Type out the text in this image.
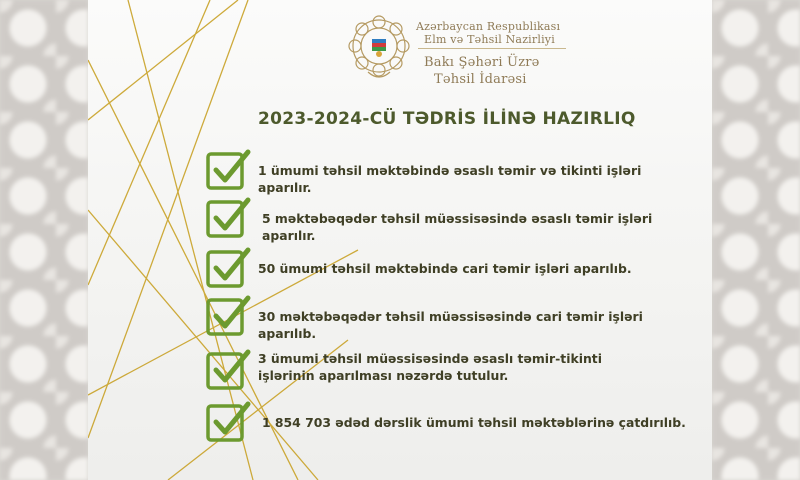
Azərbaycan Respublikası
Elm və Təhsil Nazirliyi
Bakı Şəhəri Üzrə
Təhsil İdarəsi
2023-2024-CÜ TƏDRİS İLİNƏ HAZIRLIQ
1 ümumi təhsil məktəbində əsaslı təmir və tikinti işləri aparılır.
5 məktəbəqədər təhsil müəssisəsində əsaslı təmir işləri aparılır.
50 ümumi təhsil məktəbində cari təmir işləri aparılıb.
30 məktəbəqədər təhsil müəssisəsində cari təmir işləri aparılıb.
3 ümumi təhsil müəssisəsində əsaslı təmir-tikinti
işlərinin aparılması nəzərdə tutulur.
1 854 703 ədəd dərslik ümumi təhsil məktəblərinə çatdırılıb.
